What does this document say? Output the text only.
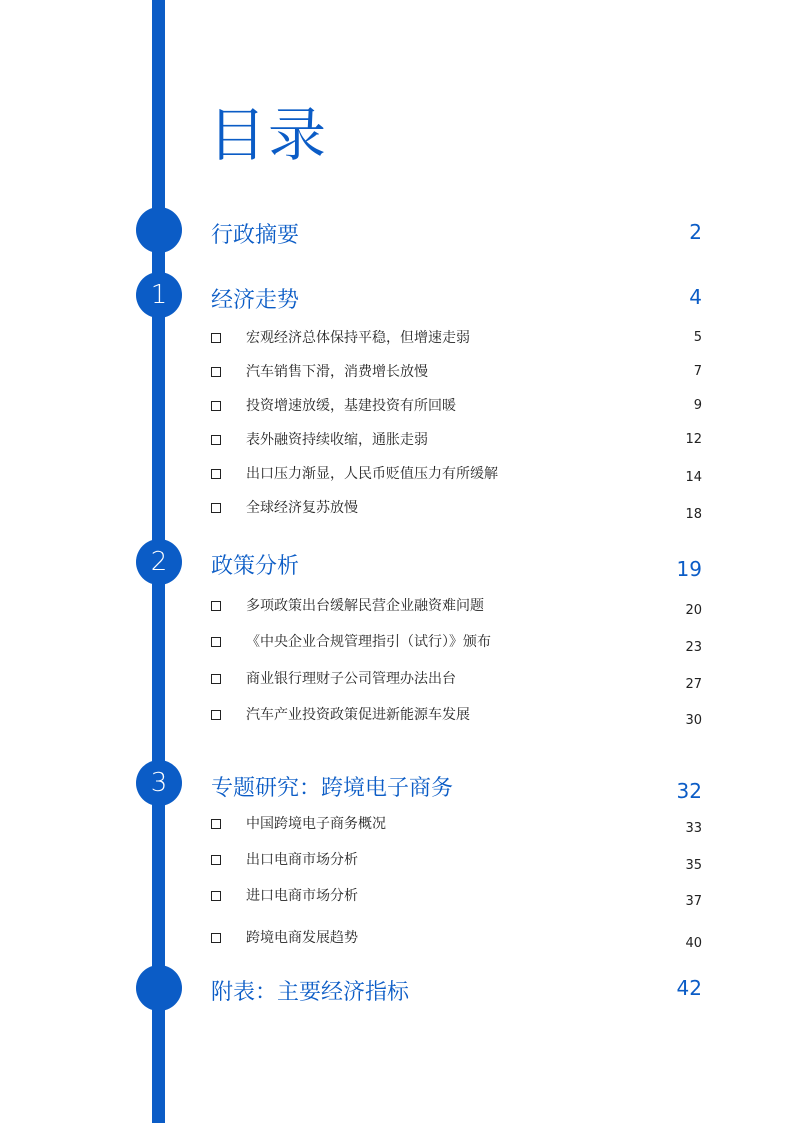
目录
行政摘要	2
1	经济走势	4
宏观经济总体保持平稳，但增速走弱	5
汽车销售下滑，消费增长放慢	7
投资增速放缓，基建投资有所回暖	9
表外融资持续收缩，通胀走弱	12
出口压力渐显，人民币贬值压力有所缓解	14
全球经济复苏放慢	18
2	政策分析	19
多项政策出台缓解民营企业融资难问题	20
《中央企业合规管理指引（试行）》颁布	23
商业银行理财子公司管理办法出台	27
汽车产业投资政策促进新能源车发展	30
3	专题研究：跨境电子商务	32
中国跨境电子商务概况	33
出口电商市场分析	35
进口电商市场分析	37
跨境电商发展趋势	40
附表：主要经济指标	42
